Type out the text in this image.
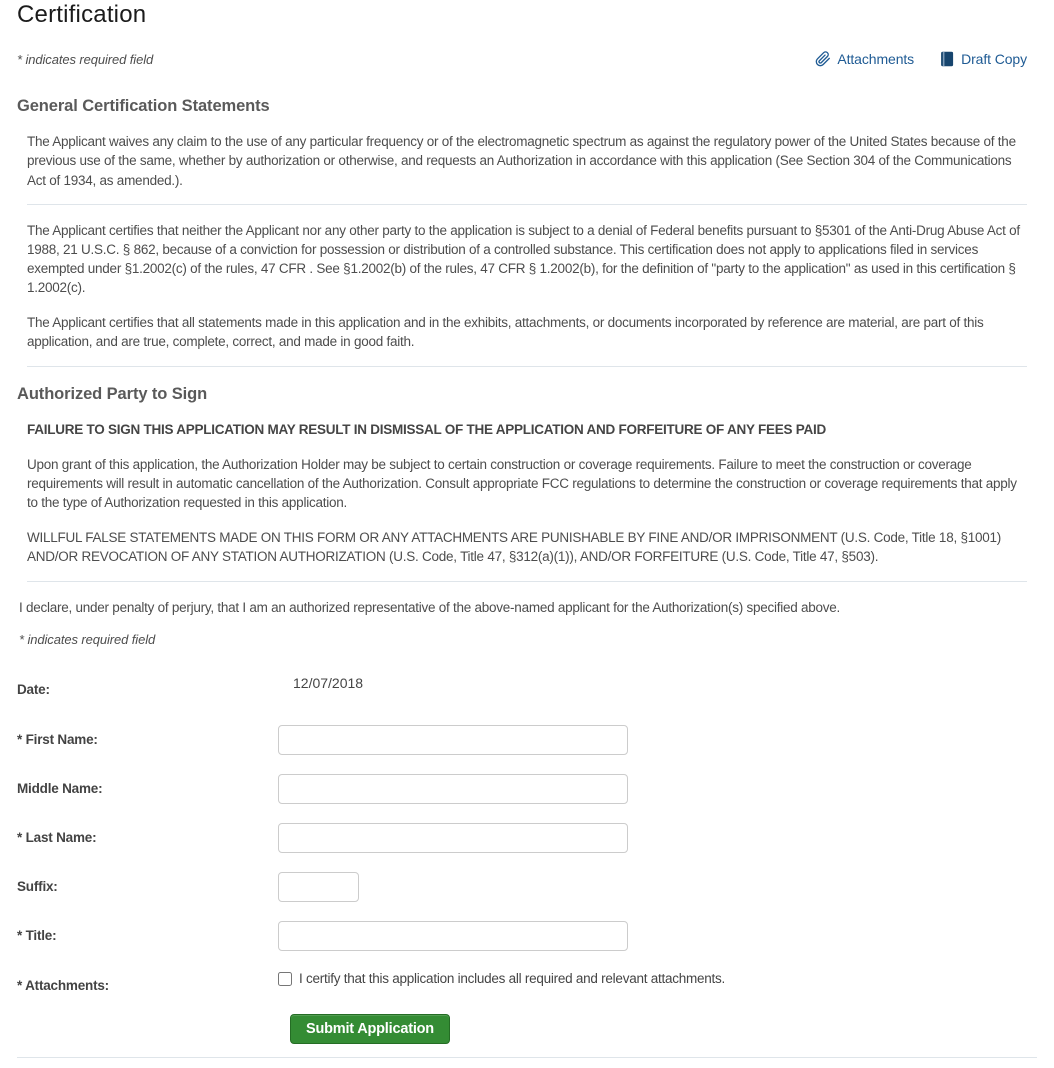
Certification
* indicates required field	Attachments	Draft Copy
General Certification Statements

The Applicant waives any claim to the use of any particular frequency or of the electromagnetic spectrum as against the regulatory power of the United States because of the previous use of the same, whether by authorization or otherwise, and requests an Authorization in accordance with this application (See Section 304 of the Communications Act of 1934, as amended.).

The Applicant certifies that neither the Applicant nor any other party to the application is subject to a denial of Federal benefits pursuant to §5301 of the Anti-Drug Abuse Act of 1988, 21 U.S.C. § 862, because of a conviction for possession or distribution of a controlled substance. This certification does not apply to applications filed in services exempted under §1.2002(c) of the rules, 47 CFR . See §1.2002(b) of the rules, 47 CFR § 1.2002(b), for the definition of "party to the application" as used in this certification § 1.2002(c).

The Applicant certifies that all statements made in this application and in the exhibits, attachments, or documents incorporated by reference are material, are part of this application, and are true, complete, correct, and made in good faith.

Authorized Party to Sign

FAILURE TO SIGN THIS APPLICATION MAY RESULT IN DISMISSAL OF THE APPLICATION AND FORFEITURE OF ANY FEES PAID

Upon grant of this application, the Authorization Holder may be subject to certain construction or coverage requirements. Failure to meet the construction or coverage requirements will result in automatic cancellation of the Authorization. Consult appropriate FCC regulations to determine the construction or coverage requirements that apply to the type of Authorization requested in this application.

WILLFUL FALSE STATEMENTS MADE ON THIS FORM OR ANY ATTACHMENTS ARE PUNISHABLE BY FINE AND/OR IMPRISONMENT (U.S. Code, Title 18, §1001) AND/OR REVOCATION OF ANY STATION AUTHORIZATION (U.S. Code, Title 47, §312(a)(1)), AND/OR FORFEITURE (U.S. Code, Title 47, §503).

I declare, under penalty of perjury, that I am an authorized representative of the above-named applicant for the Authorization(s) specified above.

* indicates required field

Date:	12/07/2018
* First Name:
Middle Name:
* Last Name:
Suffix:
* Title:
* Attachments:	I certify that this application includes all required and relevant attachments.
Submit Application
